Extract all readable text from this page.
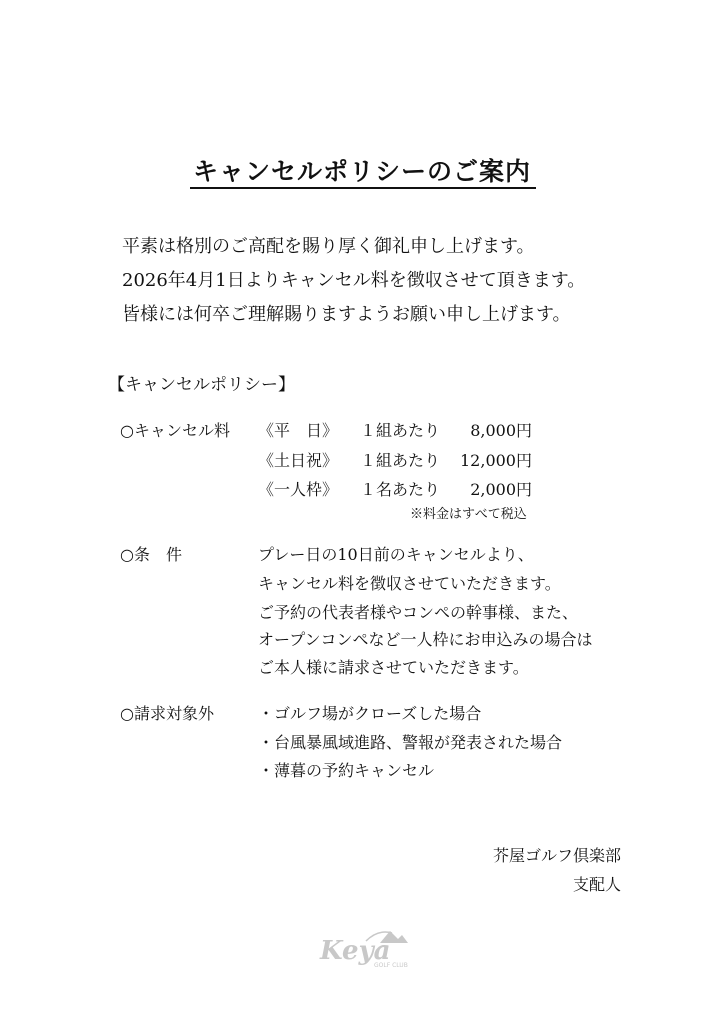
キャンセルポリシーのご案内
平素は格別のご高配を賜り厚く御礼申し上げます。
2026年4月1日よりキャンセル料を徴収させて頂きます。
皆様には何卒ご理解賜りますようお願い申し上げます。
【キャンセルポリシー】
○キャンセル料 《平　日》 １組あたり	8,000円
《土日祝》 １組あたり	12,000円
《一人枠》 １名あたり	2,000円
※料金はすべて税込
○条　件	プレー日の10日前のキャンセルより、
キャンセル料を徴収させていただきます。
ご予約の代表者様やコンペの幹事様、また、
オープンコンペなど一人枠にお申込みの場合は
ご本人様に請求させていただきます。
○請求対象外	・ゴルフ場がクローズした場合
・台風暴風域進路、警報が発表された場合
・薄暮の予約キャンセル
芥屋ゴルフ倶楽部
支配人
Keya
GOLF CLUB
